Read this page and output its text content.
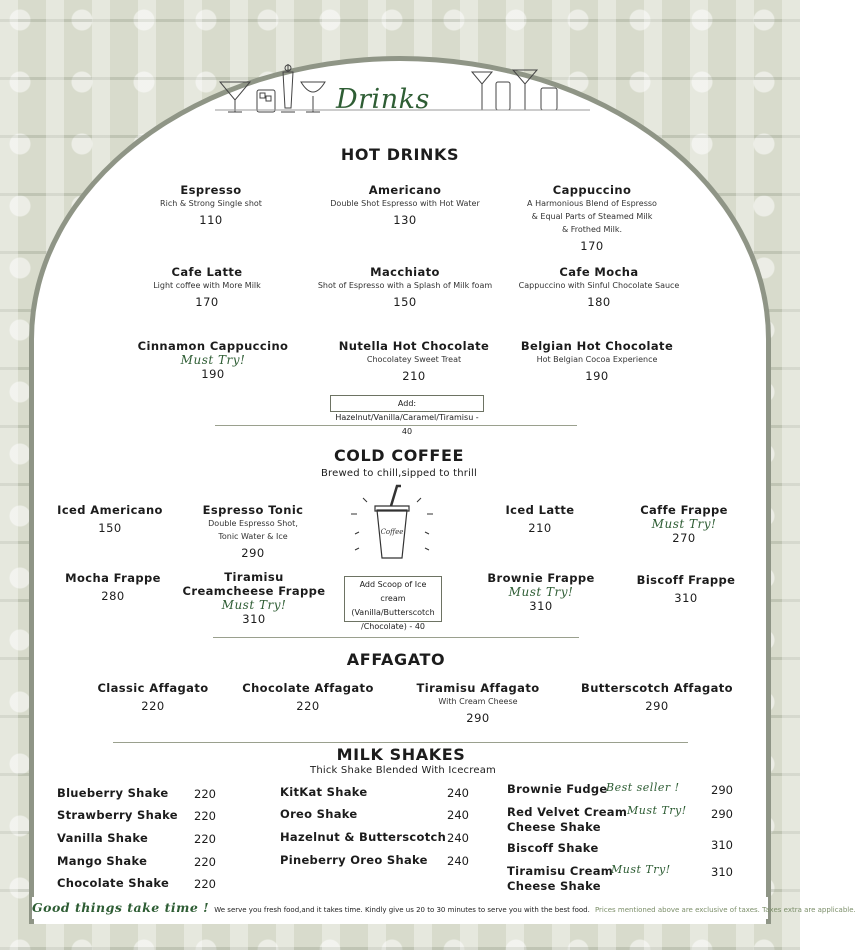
Drinks
HOT DRINKS
Espresso
Rich & Strong Single shot
110
Americano
Double Shot Espresso with Hot Water
130
Cappuccino
A Harmonious Blend of Espresso
& Equal Parts of Steamed Milk
& Frothed Milk.
170
Cafe Latte
Light coffee with More Milk
170
Macchiato
Shot of Espresso with a Splash of Milk foam
150
Cafe Mocha
Cappuccino with Sinful Chocolate Sauce
180
Cinnamon Cappuccino
Must Try!
190
Nutella Hot Chocolate
Chocolatey Sweet Treat
210
Belgian Hot Chocolate
Hot Belgian Cocoa Experience
190
Add: Hazelnut/Vanilla/Caramel/Tiramisu - 40
COLD COFFEE
Brewed to chill,sipped to thrill
Coffee
Iced Americano
150
Espresso Tonic
Double Espresso Shot,
Tonic Water & Ice
290
Iced Latte
210
Caffe Frappe
Must Try!
270
Mocha Frappe
280
Tiramisu
Creamcheese Frappe
Must Try!
310
Add Scoop of Ice cream
(Vanilla/Butterscotch
/Chocolate) - 40
Brownie Frappe
Must Try!
310
Biscoff Frappe
310
AFFAGATO
Classic Affagato
220
Chocolate Affagato
220
Tiramisu Affagato
With Cream Cheese
290
Butterscotch Affagato
290
MILK SHAKES
Thick Shake Blended With Icecream
Blueberry Shake 220
Strawberry Shake 220
Vanilla Shake	220
Mango Shake	220
Chocolate Shake 220
KitKat Shake	240
Oreo Shake	240
Hazelnut & Butterscotch 240
Pineberry Oreo Shake 240
Brownie Fudge
Best seller !	290
Red Velvet Cream
Cheese Shake
Must Try! 290
Biscoff Shake	310
Tiramisu Cream
Cheese Shake
Must Try!	310
Good things take time ! We serve you fresh food,and it takes time. Kindly give us 20 to 30 minutes to serve you with the best food. Prices mentioned above are exclusive of taxes. Taxes extra are applicable.
